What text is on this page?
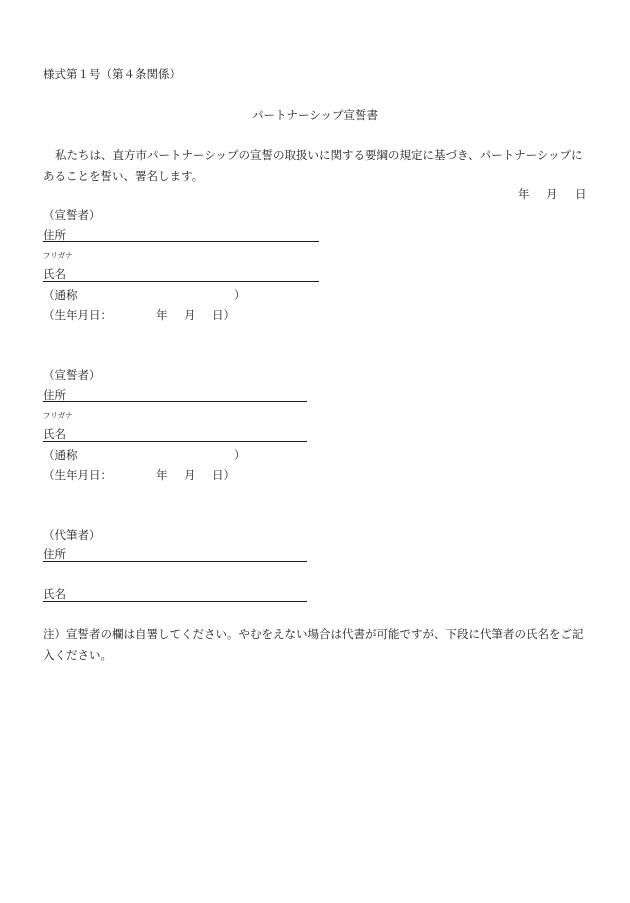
様式第１号（第４条関係）
パートナーシップ宣誓書
私たちは、直方市パートナーシップの宣誓の取扱いに関する要綱の規定に基づき、パートナーシップにあることを誓い、署名します。
年 月 日
（宣誓者）
住所
フリガナ
氏名
（通称	）
（生年月日：	年 月 日）
（宣誓者）
住所
フリガナ
氏名
（通称	）
（生年月日：	年 月 日）
（代筆者）
住所
氏名
注）宣誓者の欄は自署してください。やむをえない場合は代書が可能ですが、下段に代筆者の氏名をご記入ください。
